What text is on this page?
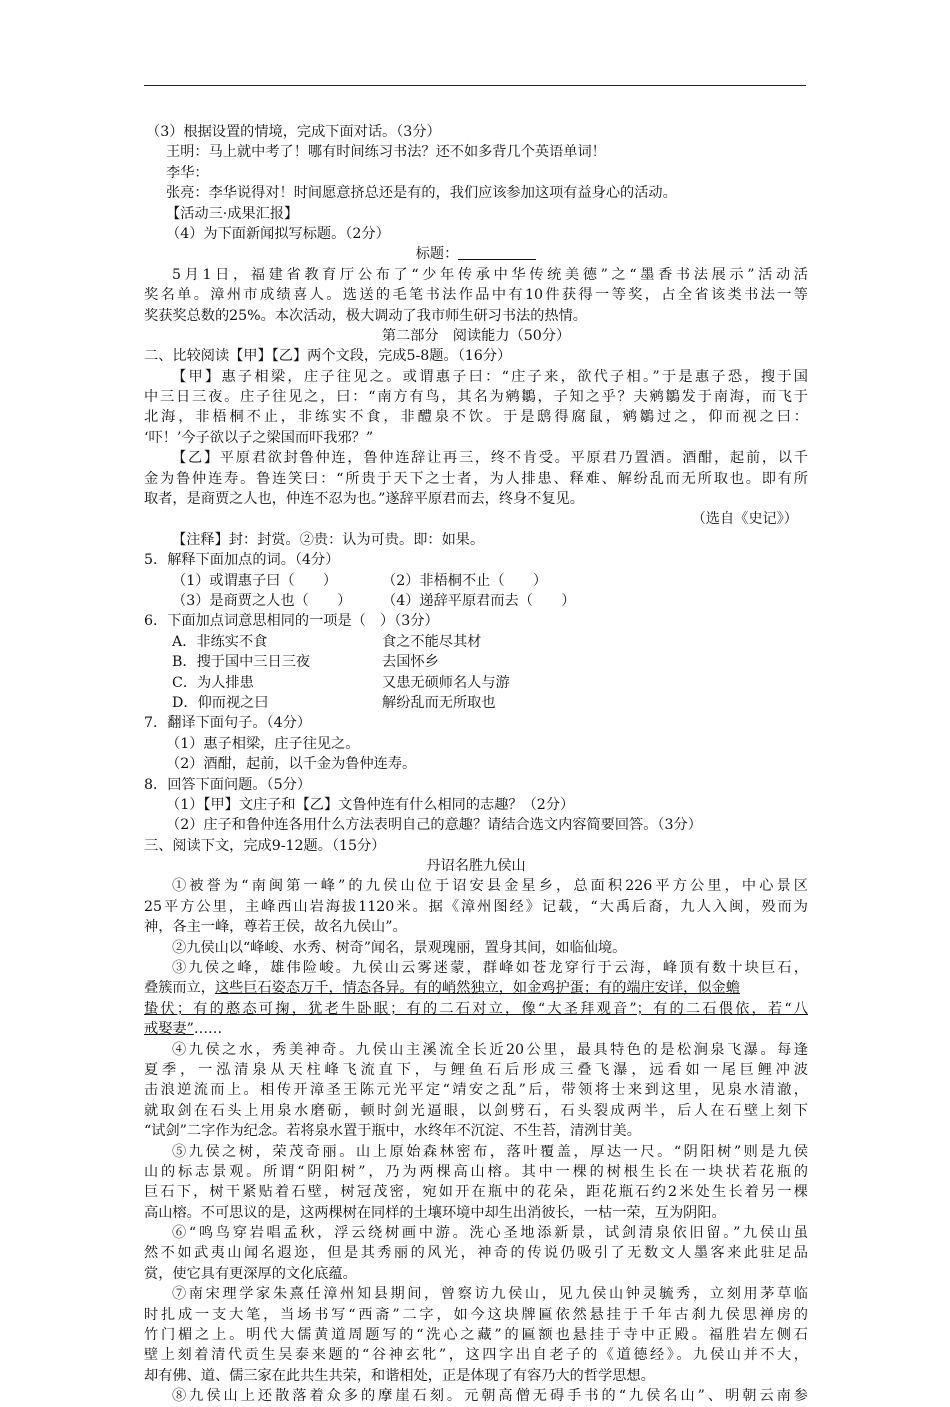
（3）根据设置的情境，完成下面对话。（3分）
王明：马上就中考了！哪有时间练习书法？还不如多背几个英语单词！
李华：
张亮：李华说得对！时间愿意挤总还是有的，我们应该参加这项有益身心的活动。
【活动三·成果汇报】
（4）为下面新闻拟写标题。（2分）
标题：
5月1日，福建省教育厅公布了“少年传承中华传统美德”之“墨香书法展示”活动活
奖名单。漳州市成绩喜人。选送的毛笔书法作品中有10件获得一等奖，占全省该类书法一等
奖获奖总数的25%。本次活动，极大调动了我市师生研习书法的热情。
第二部分　阅读能力（50分）
二、比较阅读【甲】【乙】两个文段，完成5-8题。（16分）
【甲】惠子相梁，庄子往见之。或谓惠子曰：“庄子来，欲代子相。”于是惠子恐，搜于国
中三日三夜。庄子往见之，曰：“南方有鸟，其名为鹓鶵，子知之乎？夫鹓鶵发于南海，而飞于
北海，非梧桐不止，非练实不食，非醴泉不饮。于是鸱得腐鼠，鹓鶵过之，仰而视之曰：
‘吓！’今子欲以子之梁国而吓我邪？”
【乙】平原君欲封鲁仲连，鲁仲连辞让再三，终不肯受。平原君乃置酒。酒酣，起前，以千
金为鲁仲连寿。鲁连笑曰：“所贵于天下之士者，为人排患、释难、解纷乱而无所取也。即有所
取者，是商贾之人也，仲连不忍为也。”遂辞平原君而去，终身不复见。
（选自《史记》）
【注释】封：封赏。②贵：认为可贵。即：如果。
5．解释下面加点的词。（4分）
（1）或谓惠子曰（　　）	（2）非梧桐不止（　　）
（3）是商贾之人也（　　）	（4）递辞平原君而去（　　）
6．下面加点词意思相同的一项是（　）（3分）
A．非练实不食	食之不能尽其材
B．搜于国中三日三夜	去国怀乡
C．为人排患	又患无硕师名人与游
D．仰而视之曰	解纷乱而无所取也
7．翻译下面句子。（4分）
（1）惠子相梁，庄子往见之。
（2）酒酣，起前，以千金为鲁仲连寿。
8．回答下面问题。（5分）
（1）【甲】文庄子和【乙】文鲁仲连有什么相同的志趣？（2分）
（2）庄子和鲁仲连各用什么方法表明自己的意趣？请结合选文内容简要回答。（3分）
三、阅读下文，完成9-12题。（15分）
丹诏名胜九侯山
①被誉为“南闽第一峰”的九侯山位于诏安县金星乡，总面积226平方公里，中心景区
25平方公里，主峰西山岩海拔1120米。据《漳州图经》记载，“大禹后裔，九人入闽，殁而为
神，各主一峰，尊若王侯，故名九侯山”。
②九侯山以“峰峻、水秀、树奇”闻名，景观瑰丽，置身其间，如临仙境。
③九侯之峰，雄伟险峻。九侯山云雾迷蒙，群峰如苍龙穿行于云海，峰顶有数十块巨石，
叠簇而立，这些巨石姿态万千，情态各异。有的峭然独立，如金鸡护蛋；有的端庄安详，似金蟾
蛰伏；有的憨态可掬，犹老牛卧眠；有的二石对立，像“大圣拜观音”；有的二石偎依，若“八
戒娶妻”……
④九侯之水，秀美神奇。九侯山主溪流全长近20公里，最具特色的是松涧泉飞瀑。每逢
夏季，一泓清泉从天柱峰飞流直下，与鲤鱼石后形成三叠飞瀑，远看如一尾巨鲤冲波
击浪逆流而上。相传开漳圣王陈元光平定“靖安之乱”后，带领将士来到这里，见泉水清澈，
就取剑在石头上用泉水磨砺，顿时剑光逼眼，以剑劈石，石头裂成两半，后人在石壁上刻下
“试剑”二字作为纪念。若将泉水置于瓶中，水终年不沉淀、不生苔，清洌甘美。
⑤九侯之树，荣茂奇丽。山上原始森林密布，落叶覆盖，厚达一尺。“阴阳树”则是九侯
山的标志景观。所谓“阴阳树”，乃为两棵高山榕。其中一棵的树根生长在一块状若花瓶的
巨石下，树干紧贴着石壁，树冠茂密，宛如开在瓶中的花朵，距花瓶石约2米处生长着另一棵
高山榕。不可思议的是，这两棵树在同样的土壤环境中却生出消彼长，一枯一荣，互为阴阳。
⑥“鸣鸟穿岩唱孟秋，浮云绕树画中游。洗心圣地添新景，试剑清泉依旧留。”九侯山虽
然不如武夷山闻名遐迩，但是其秀丽的风光，神奇的传说仍吸引了无数文人墨客来此驻足品
赏，使它具有更深厚的文化底蕴。
⑦南宋理学家朱熹任漳州知县期间，曾察访九侯山，见九侯山钟灵毓秀，立刻用茅草临
时扎成一支大笔，当场书写“西斋”二字，如今这块牌匾依然悬挂于千年古刹九侯思禅房的
竹门楣之上。明代大儒黄道周题写的“洗心之藏”的匾额也悬挂于寺中正殿。福胜岩左侧石
壁上刻着清代贡生吴泰来题的“谷神玄牝”，这四字出自老子的《道德经》。九侯山并不大，
却有佛、道、儒三家在此共生共荣，和谐相处，正是体现了有容乃大的哲学思想。
⑧九侯山上还散落着众多的摩崖石刻。元朝高僧无碍手书的“九侯名山”、明朝云南参
